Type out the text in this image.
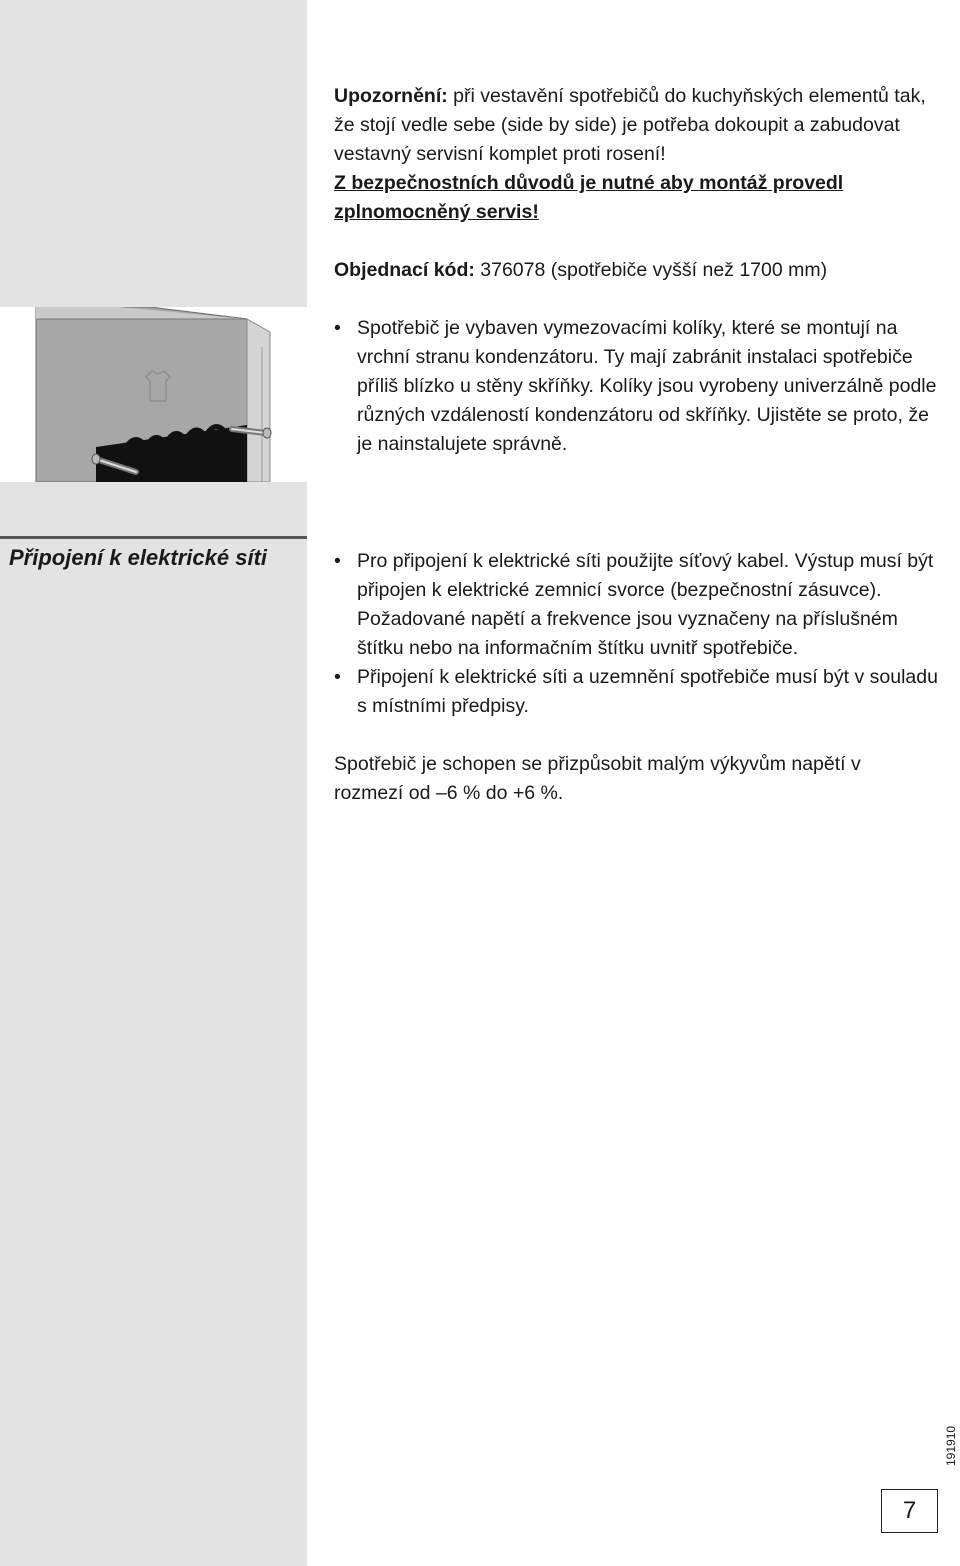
Upozornění: při vestavění spotřebičů do kuchyňských elementů tak, že stojí vedle sebe (side by side) je potřeba dokoupit a zabudovat vestavný servisní komplet proti rosení!
Z bezpečnostních důvodů je nutné aby montáž provedl zplnomocněný servis!

Objednací kód: 376078 (spotřebiče vyšší než 1700 mm)

• Spotřebič je vybaven vymezovacími kolíky, které se montují na vrchní stranu kondenzátoru. Ty mají zabránit instalaci spotřebiče příliš blízko u stěny skříňky. Kolíky jsou vyrobeny univerzálně podle různých vzdáleností kondenzátoru od skříňky. Ujistěte se proto, že je nainstalujete správně.
Připojení k elektrické síti	• Pro připojení k elektrické síti použijte síťový kabel. Výstup musí být připojen k elektrické zemnicí svorce (bezpečnostní zásuvce). Požadované napětí a frekvence jsou vyznačeny na příslušném štítku nebo na informačním štítku uvnitř spotřebiče.
• Připojení k elektrické síti a uzemnění spotřebiče musí být v souladu s místními předpisy.

Spotřebič je schopen se přizpůsobit malým výkyvům napětí v rozmezí od –6 % do +6 %.

191910
7
